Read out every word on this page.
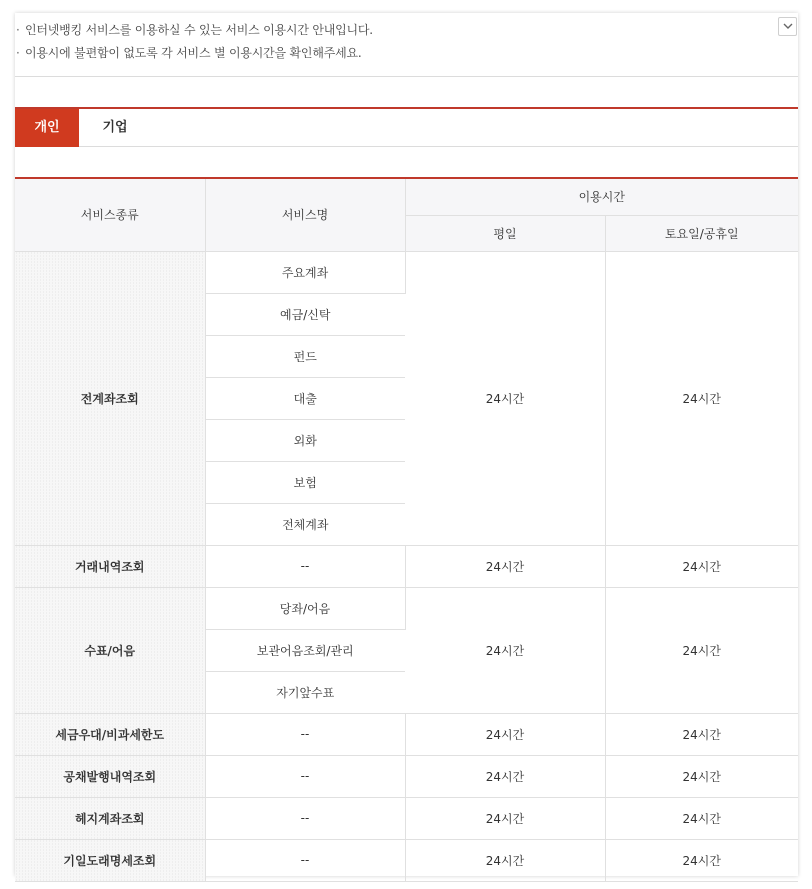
· 인터넷뱅킹 서비스를 이용하실 수 있는 서비스 이용시간 안내입니다.
· 이용시에 불편함이 없도록 각 서비스 별 이용시간을 확인해주세요.
개인	기업
서비스종류	서비스명	이용시간	
		평일	토요일/공휴일
전계좌조회	주요계좌	24시간	24시간
	예금/신탁		
	펀드		
	대출		
	외화		
	보험		
	전체계좌		
거래내역조회	--	24시간	24시간
수표/어음	당좌/어음	24시간	24시간
	보관어음조회/관리		
	자기앞수표		
세금우대/비과세한도	--	24시간	24시간
공채발행내역조회	--	24시간	24시간
헤지계좌조회	--	24시간	24시간
기일도래명세조회	--	24시간	24시간
